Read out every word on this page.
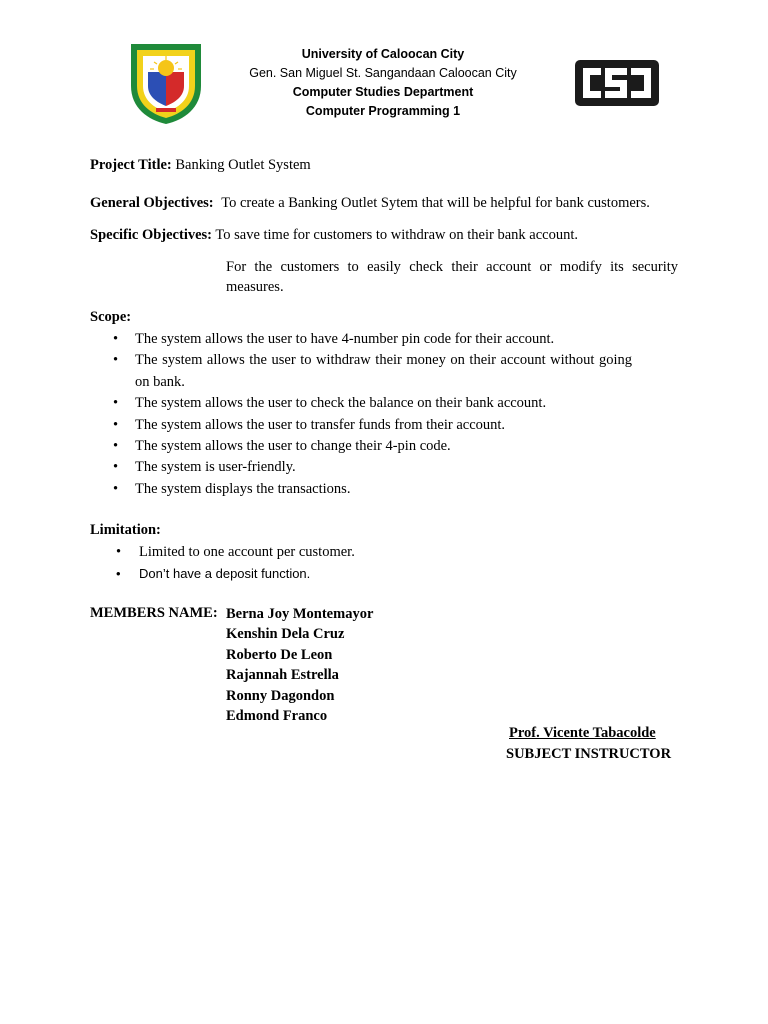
University of Caloocan City
Gen. San Miguel St. Sangandaan Caloocan City
Computer Studies Department
Computer Programming 1
Project Title: Banking Outlet System
General Objectives: To create a Banking Outlet Sytem that will be helpful for bank customers.
Specific Objectives: To save time for customers to withdraw on their bank account.
For the customers to easily check their account or modify its security measures.
Scope:
• The system allows the user to have 4-number pin code for their account.
• The system allows the user to withdraw their money on their account without going on bank.
• The system allows the user to check the balance on their bank account.
• The system allows the user to transfer funds from their account.
• The system allows the user to change their 4-pin code.
• The system is user-friendly.
• The system displays the transactions.
Limitation:
• Limited to one account per customer.
• Don’t have a deposit function.
MEMBERS NAME: Berna Joy Montemayor
Kenshin Dela Cruz
Roberto De Leon
Rajannah Estrella
Ronny Dagondon
Edmond Franco
Prof. Vicente Tabacolde
SUBJECT INSTRUCTOR
